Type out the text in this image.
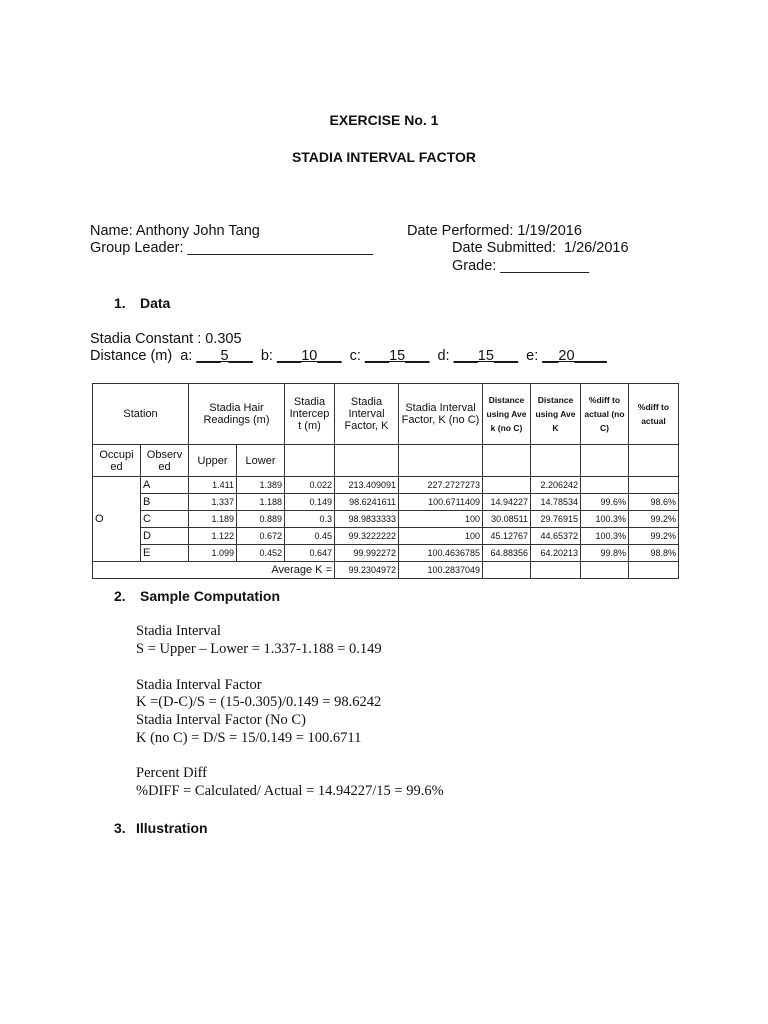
EXERCISE No. 1
STADIA INTERVAL FACTOR
Name: Anthony John Tang
Group Leader: _______________________
Date Performed: 1/19/2016
Date Submitted:  1/26/2016
Grade: ___________
1. Data
Stadia Constant : 0.305
Distance (m)  a: ___5___  b: ___10___  c: ___15___  d: ___15___  e: __20____
Station		Stadia Hair Readings (m)		Stadia Intercep t (m)	Stadia Interval Factor, K	Stadia Interval Factor, K (no C)	Distance using Ave k (no C)	Distance using Ave K	%diff to actual (no C)	%diff to actual
Occupi ed	Observ ed	Upper	Lower							
O	A	1.411	1.389	0.022	213.409091	227.2727273		2.206242		
	B	1.337	1.188	0.149	98.6241611	100.6711409	14.94227	14.78534	99.6%	98.6%
	C	1.189	0.889	0.3	98.9833333	100	30.08511	29.76915	100.3%	99.2%
	D	1.122	0.672	0.45	99.3222222	100	45.12767	44.65372	100.3%	99.2%
	E	1.099	0.452	0.647	99.992272	100.4636785	64.88356	64.20213	99.8%	98.8%
Average K =					99.2304972	100.2837049				
2. Sample Computation
Stadia Interval
S = Upper – Lower = 1.337-1.188 = 0.149
Stadia Interval Factor
K =(D-C)/S = (15-0.305)/0.149 = 98.6242
Stadia Interval Factor (No C)
K (no C) = D/S = 15/0.149 = 100.6711
Percent Diff
%DIFF = Calculated/ Actual = 14.94227/15 = 99.6%
3. Illustration
